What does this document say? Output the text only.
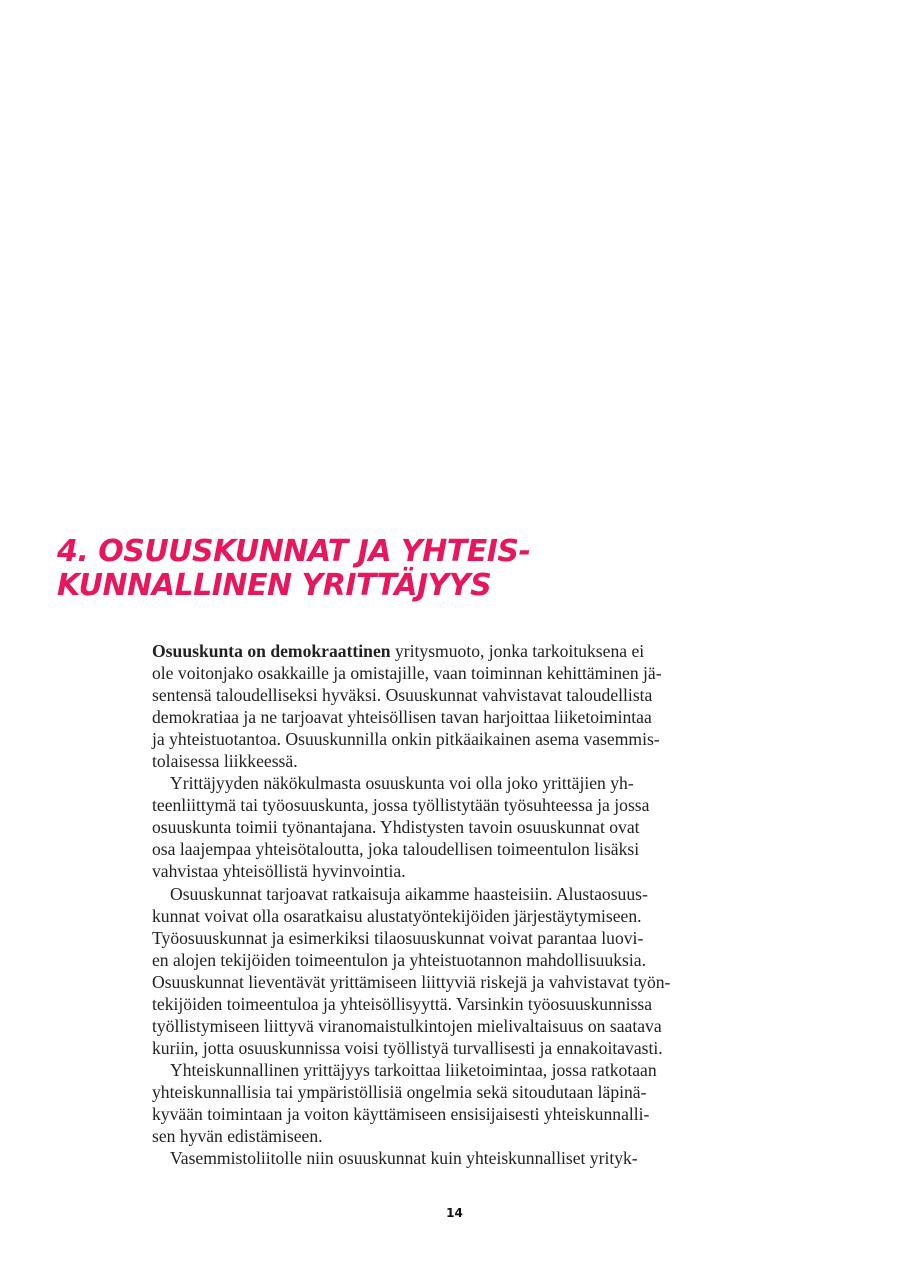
4. OSUUSKUNNAT JA YHTEIS-
KUNNALLINEN YRITTÄJYYS

Osuuskunta on demokraattinen yritysmuoto, jonka tarkoituksena ei
ole voitonjako osakkaille ja omistajille, vaan toiminnan kehittäminen jä-
sentensä taloudelliseksi hyväksi. Osuuskunnat vahvistavat taloudellista
demokratiaa ja ne tarjoavat yhteisöllisen tavan harjoittaa liiketoimintaa
ja yhteistuotantoa. Osuuskunnilla onkin pitkäaikainen asema vasemmis-
tolaisessa liikkeessä.

Yrittäjyyden näkökulmasta osuuskunta voi olla joko yrittäjien yh-
teenliittymä tai työosuuskunta, jossa työllistytään työsuhteessa ja jossa
osuuskunta toimii työnantajana. Yhdistysten tavoin osuuskunnat ovat
osa laajempaa yhteisötaloutta, joka taloudellisen toimeentulon lisäksi
vahvistaa yhteisöllistä hyvinvointia.

Osuuskunnat tarjoavat ratkaisuja aikamme haasteisiin. Alustaosuus-
kunnat voivat olla osaratkaisu alustatyöntekijöiden järjestäytymiseen.
Työosuuskunnat ja esimerkiksi tilaosuuskunnat voivat parantaa luovi-
en alojen tekijöiden toimeentulon ja yhteistuotannon mahdollisuuksia.
Osuuskunnat lieventävät yrittämiseen liittyviä riskejä ja vahvistavat työn-
tekijöiden toimeentuloa ja yhteisöllisyyttä. Varsinkin työosuuskunnissa
työllistymiseen liittyvä viranomaistulkintojen mielivaltaisuus on saatava
kuriin, jotta osuuskunnissa voisi työllistyä turvallisesti ja ennakoitavasti.

Yhteiskunnallinen yrittäjyys tarkoittaa liiketoimintaa, jossa ratkotaan
yhteiskunnallisia tai ympäristöllisiä ongelmia sekä sitoudutaan läpinä-
kyvään toimintaan ja voiton käyttämiseen ensisijaisesti yhteiskunnalli-
sen hyvän edistämiseen.

Vasemmistoliitolle niin osuuskunnat kuin yhteiskunnalliset yrityk-

14
